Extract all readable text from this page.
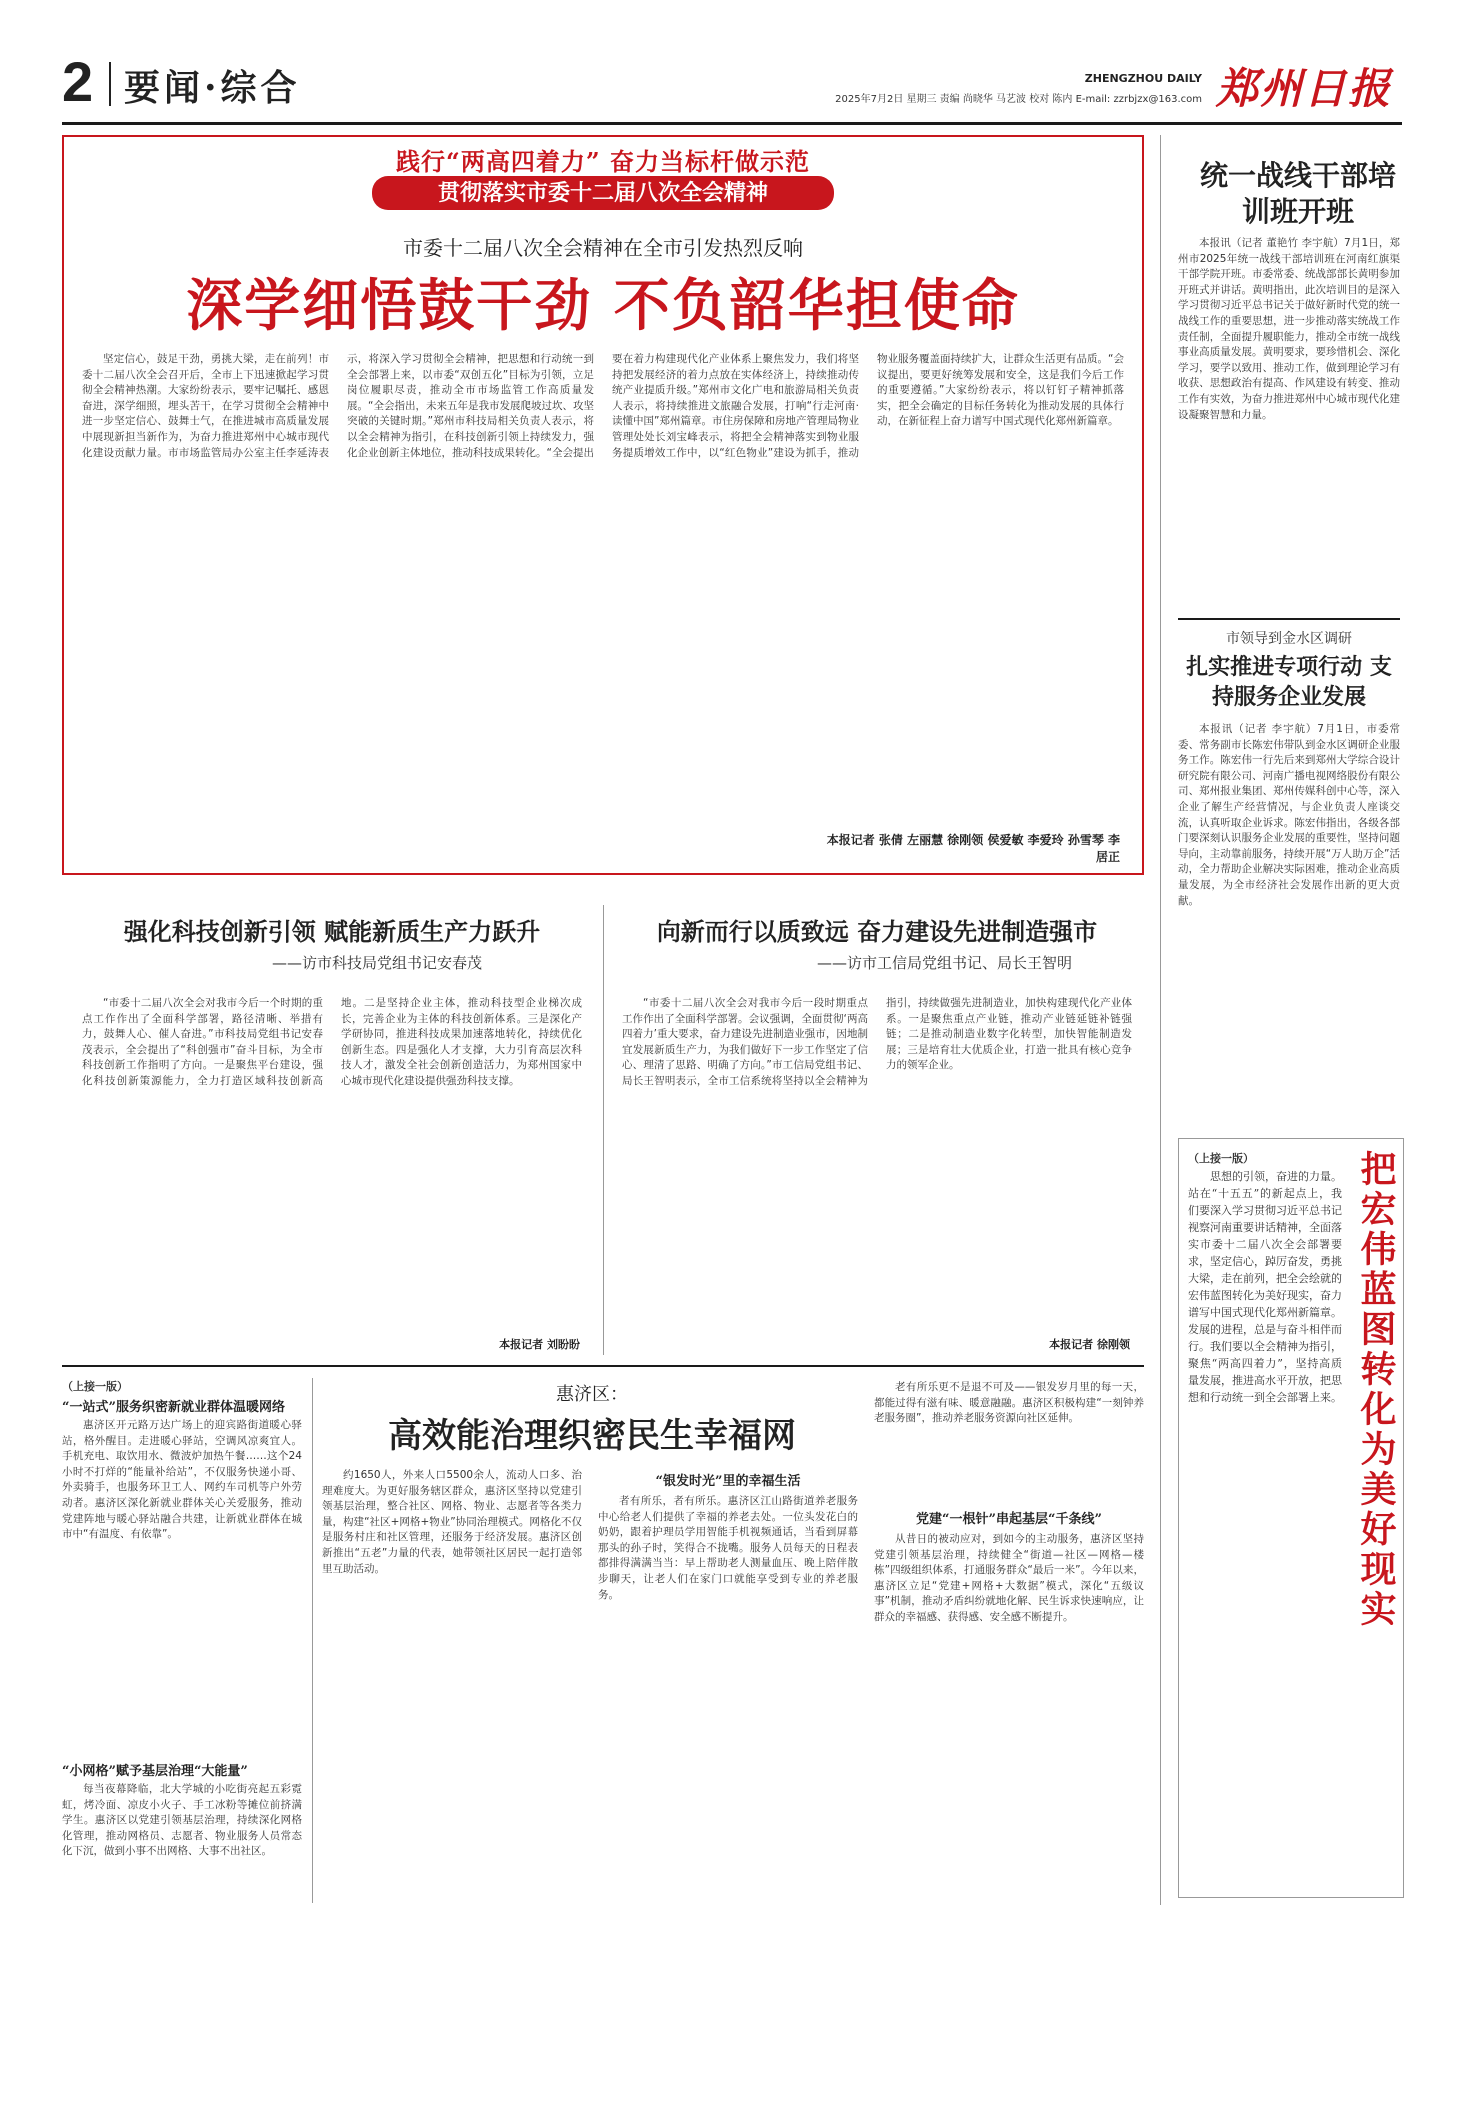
2 要闻·综合	ZHENGZHOU DAILY
2025年7月2日 星期三 责编 尚晓华 马艺波 校对 陈内 E-mail: zzrbjzx@163.com 郑州日报
践行“两高四着力” 奋力当标杆做示范
贯彻落实市委十二届八次全会精神
市委十二届八次全会精神在全市引发热烈反响
深学细悟鼓干劲 不负韶华担使命

坚定信心，鼓足干劲，勇挑大梁，走在前列！市委十二届八次全会召开后，全市上下迅速掀起学习贯彻全会精神热潮。大家纷纷表示，要牢记嘱托、感恩奋进，深学细照，埋头苦干，在学习贯彻全会精神中进一步坚定信心、鼓舞士气，在推进城市高质量发展中展现新担当新作为，为奋力推进郑州中心城市现代化建设贡献力量。市市场监管局办公室主任李延涛表示，将深入学习贯彻全会精神，把思想和行动统一到全会部署上来，以市委“双创五化”目标为引领，立足岗位履职尽责，推动全市市场监管工作高质量发展。“全会指出，未来五年是我市发展爬坡过坎、攻坚突破的关键时期。”郑州市科技局相关负责人表示，将以全会精神为指引，在科技创新引领上持续发力，强化企业创新主体地位，推动科技成果转化。“全会提出要在着力构建现代化产业体系上聚焦发力，我们将坚持把发展经济的着力点放在实体经济上，持续推动传统产业提质升级。”郑州市文化广电和旅游局相关负责人表示，将持续推进文旅融合发展，打响“行走河南·读懂中国”郑州篇章。市住房保障和房地产管理局物业管理处处长刘宝峰表示，将把全会精神落实到物业服务提质增效工作中，以“红色物业”建设为抓手，推动物业服务覆盖面持续扩大，让群众生活更有品质。“会议提出，要更好统筹发展和安全，这是我们今后工作的重要遵循。”大家纷纷表示，将以钉钉子精神抓落实，把全会确定的目标任务转化为推动发展的具体行动，在新征程上奋力谱写中国式现代化郑州新篇章。

本报记者 张倩 左丽慧 徐刚领 侯爱敏 李爱玲 孙雪琴 李居正
统一战线干部培训班开班

本报讯（记者 董艳竹 李宇航）7月1日，郑州市2025年统一战线干部培训班在河南红旗渠干部学院开班。市委常委、统战部部长黄明参加开班式并讲话。黄明指出，此次培训目的是深入学习贯彻习近平总书记关于做好新时代党的统一战线工作的重要思想，进一步推动落实统战工作责任制，全面提升履职能力，推动全市统一战线事业高质量发展。黄明要求，要珍惜机会、深化学习，要学以致用、推动工作，做到理论学习有收获、思想政治有提高、作风建设有转变、推动工作有实效，为奋力推进郑州中心城市现代化建设凝聚智慧和力量。

市领导到金水区调研
扎实推进专项行动 支持服务企业发展

本报讯（记者 李宇航）7月1日，市委常委、常务副市长陈宏伟带队到金水区调研企业服务工作。陈宏伟一行先后来到郑州大学综合设计研究院有限公司、河南广播电视网络股份有限公司、郑州报业集团、郑州传媒科创中心等，深入企业了解生产经营情况，与企业负责人座谈交流，认真听取企业诉求。陈宏伟指出，各级各部门要深刻认识服务企业发展的重要性，坚持问题导向，主动靠前服务，持续开展“万人助万企”活动，全力帮助企业解决实际困难，推动企业高质量发展，为全市经济社会发展作出新的更大贡献。

把宏伟蓝图转化为美好现实
（上接一版）

思想的引领，奋进的力量。站在“十五五”的新起点上，我们要深入学习贯彻习近平总书记视察河南重要讲话精神，全面落实市委十二届八次全会部署要求，坚定信心，踔厉奋发，勇挑大梁，走在前列，把全会绘就的宏伟蓝图转化为美好现实，奋力谱写中国式现代化郑州新篇章。发展的进程，总是与奋斗相伴而行。我们要以全会精神为指引，聚焦“两高四着力”，坚持高质量发展，推进高水平开放，把思想和行动统一到全会部署上来。

强化科技创新引领 赋能新质生产力跃升
——访市科技局党组书记安春茂

“市委十二届八次全会对我市今后一个时期的重点工作作出了全面科学部署，路径清晰、举措有力，鼓舞人心、催人奋进。”市科技局党组书记安春茂表示，全会提出了“科创强市”奋斗目标，为全市科技创新工作指明了方向。一是聚焦平台建设，强化科技创新策源能力，全力打造区域科技创新高地。二是坚持企业主体，推动科技型企业梯次成长，完善企业为主体的科技创新体系。三是深化产学研协同，推进科技成果加速落地转化，持续优化创新生态。四是强化人才支撑，大力引育高层次科技人才，激发全社会创新创造活力，为郑州国家中心城市现代化建设提供强劲科技支撑。

本报记者 刘盼盼
向新而行以质致远 奋力建设先进制造强市
——访市工信局党组书记、局长王智明

“市委十二届八次全会对我市今后一段时期重点工作作出了全面科学部署。会议强调，全面贯彻‘两高四着力’重大要求，奋力建设先进制造业强市，因地制宜发展新质生产力，为我们做好下一步工作坚定了信心、理清了思路、明确了方向。”市工信局党组书记、局长王智明表示，全市工信系统将坚持以全会精神为指引，持续做强先进制造业，加快构建现代化产业体系。一是聚焦重点产业链，推动产业链延链补链强链；二是推动制造业数字化转型，加快智能制造发展；三是培育壮大优质企业，打造一批具有核心竞争力的领军企业。

本报记者 徐刚领
（上接一版）
“一站式”服务织密新就业群体温暖网络

惠济区开元路万达广场上的迎宾路街道暖心驿站，格外醒目。走进暖心驿站，空调风凉爽宜人。手机充电、取饮用水、微波炉加热午餐……这个24小时不打烊的“能量补给站”，不仅服务快递小哥、外卖骑手，也服务环卫工人、网约车司机等户外劳动者。惠济区深化新就业群体关心关爱服务，推动党建阵地与暖心驿站融合共建，让新就业群体在城市中“有温度、有依靠”。

“小网格”赋予基层治理“大能量”

每当夜幕降临，北大学城的小吃街亮起五彩霓虹，烤冷面、凉皮小火子、手工冰粉等摊位前挤满学生。惠济区以党建引领基层治理，持续深化网格化管理，推动网格员、志愿者、物业服务人员常态化下沉，做到小事不出网格、大事不出社区。

惠济区：
高效能治理织密民生幸福网

约1650人，外来人口5500余人，流动人口多、治理难度大。为更好服务辖区群众，惠济区坚持以党建引领基层治理，整合社区、网格、物业、志愿者等各类力量，构建“社区+网格+物业”协同治理模式。网格化不仅是服务村庄和社区管理，还服务于经济发展。惠济区创新推出“五老”力量的代表，她带领社区居民一起打造邻里互助活动。

“银发时光”里的幸福生活

者有所乐，者有所乐。惠济区江山路街道养老服务中心给老人们提供了幸福的养老去处。一位头发花白的奶奶，跟着护理员学用智能手机视频通话，当看到屏幕那头的孙子时，笑得合不拢嘴。服务人员每天的日程表都排得满满当当：早上帮助老人测量血压、晚上陪伴散步聊天，让老人们在家门口就能享受到专业的养老服务。

老有所乐更不是退不可及——银发岁月里的每一天，都能过得有滋有味、暖意融融。惠济区积极构建“一刻钟养老服务圈”，推动养老服务资源向社区延伸。

党建“一根针”串起基层“千条线”

从昔日的被动应对，到如今的主动服务，惠济区坚持党建引领基层治理，持续健全“街道—社区—网格—楼栋”四级组织体系，打通服务群众“最后一米”。今年以来，惠济区立足“党建+网格+大数据”模式，深化“五级议事”机制，推动矛盾纠纷就地化解、民生诉求快速响应，让群众的幸福感、获得感、安全感不断提升。
